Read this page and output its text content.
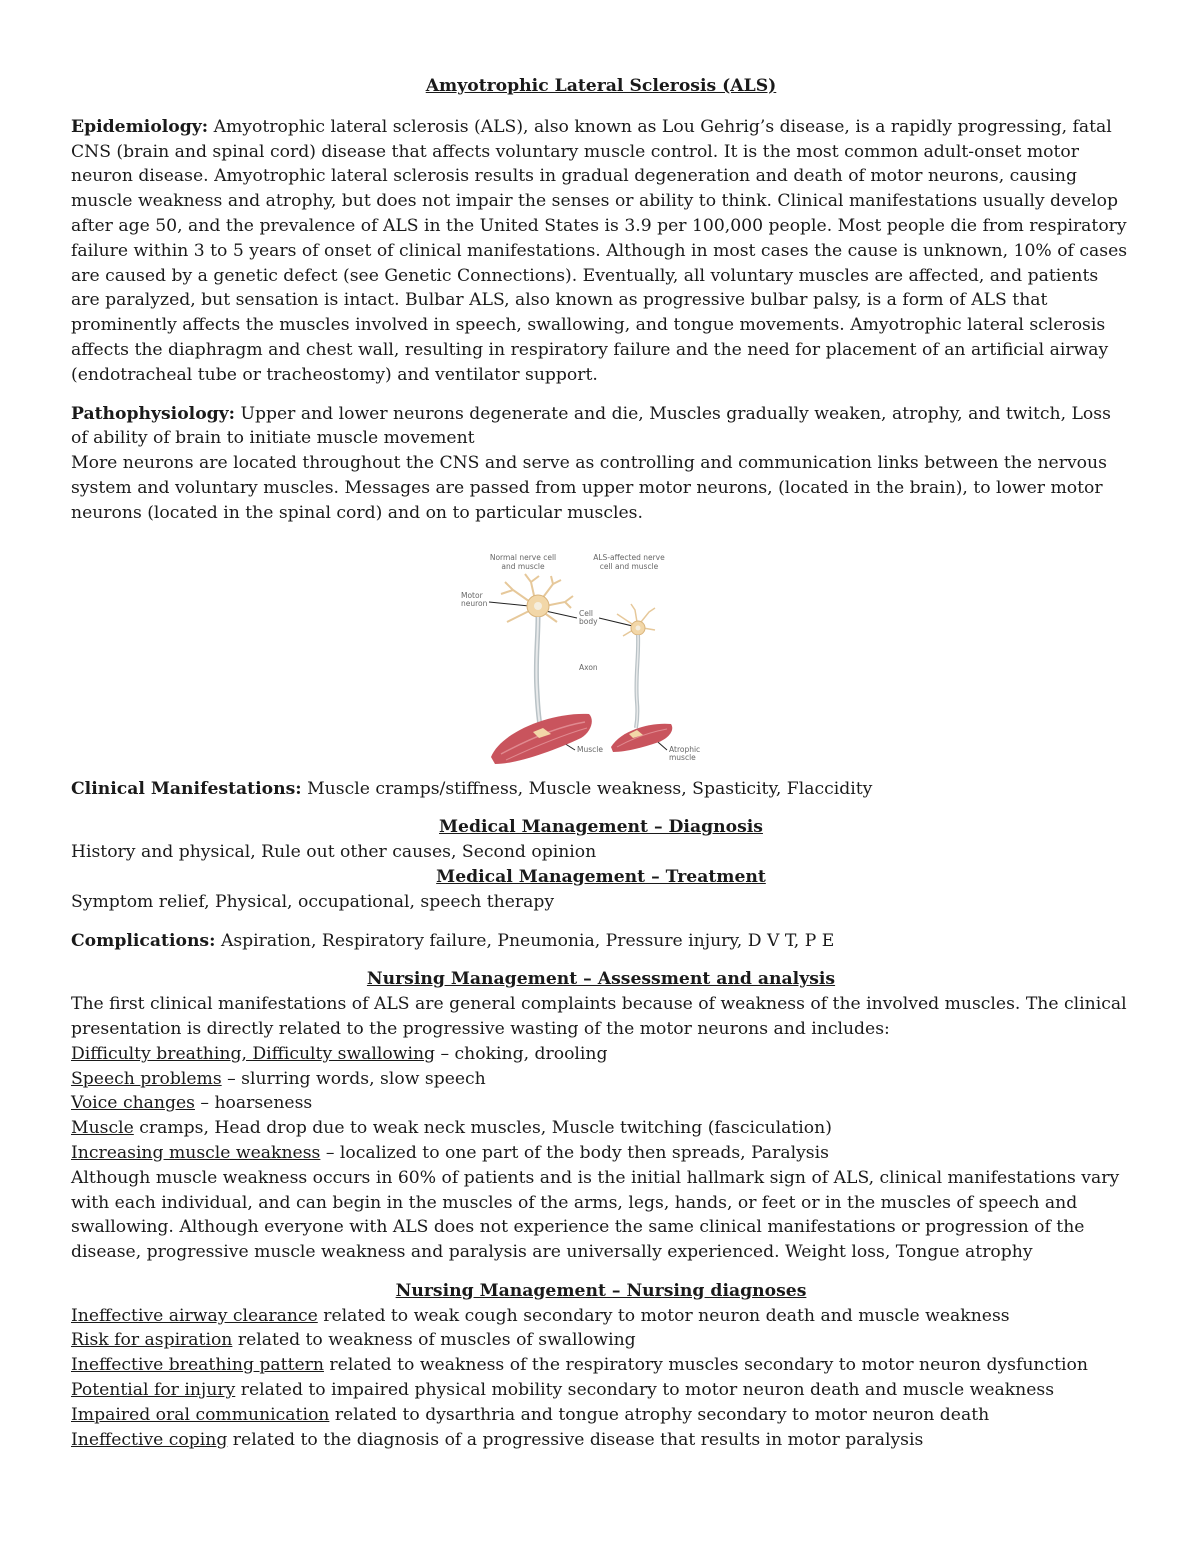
Amyotrophic Lateral Sclerosis (ALS)

Epidemiology: Amyotrophic lateral sclerosis (ALS), also known as Lou Gehrig’s disease, is a rapidly progressing, fatal CNS (brain and spinal cord) disease that affects voluntary muscle control. It is the most common adult-onset motor neuron disease. Amyotrophic lateral sclerosis results in gradual degeneration and death of motor neurons, causing muscle weakness and atrophy, but does not impair the senses or ability to think. Clinical manifestations usually develop after age 50, and the prevalence of ALS in the United States is 3.9 per 100,000 people. Most people die from respiratory failure within 3 to 5 years of onset of clinical manifestations. Although in most cases the cause is unknown, 10% of cases are caused by a genetic defect (see Genetic Connections). Eventually, all voluntary muscles are affected, and patients are paralyzed, but sensation is intact. Bulbar ALS, also known as progressive bulbar palsy, is a form of ALS that prominently affects the muscles involved in speech, swallowing, and tongue movements. Amyotrophic lateral sclerosis affects the diaphragm and chest wall, resulting in respiratory failure and the need for placement of an artificial airway (endotracheal tube or tracheostomy) and ventilator support.

Pathophysiology: Upper and lower neurons degenerate and die, Muscles gradually weaken, atrophy, and twitch, Loss of ability of brain to initiate muscle movement

More neurons are located throughout the CNS and serve as controlling and communication links between the nervous system and voluntary muscles. Messages are passed from upper motor neurons, (located in the brain), to lower motor neurons (located in the spinal cord) and on to particular muscles.

Normal nerve cell
and muscle
ALS-affected nerve
cell and muscle
Motor
neuron
Cell
body
Axon
Muscle	Atrophic
muscle

Clinical Manifestations: Muscle cramps/stiffness, Muscle weakness, Spasticity, Flaccidity

Medical Management – Diagnosis

History and physical, Rule out other causes, Second opinion

Medical Management – Treatment

Symptom relief, Physical, occupational, speech therapy

Complications: Aspiration, Respiratory failure, Pneumonia, Pressure injury, D V T, P E

Nursing Management – Assessment and analysis

The first clinical manifestations of ALS are general complaints because of weakness of the involved muscles. The clinical presentation is directly related to the progressive wasting of the motor neurons and includes:

Difficulty breathing, Difficulty swallowing – choking, drooling

Speech problems – slurring words, slow speech

Voice changes – hoarseness

Muscle cramps, Head drop due to weak neck muscles, Muscle twitching (fasciculation)

Increasing muscle weakness – localized to one part of the body then spreads, Paralysis

Although muscle weakness occurs in 60% of patients and is the initial hallmark sign of ALS, clinical manifestations vary with each individual, and can begin in the muscles of the arms, legs, hands, or feet or in the muscles of speech and swallowing. Although everyone with ALS does not experience the same clinical manifestations or progression of the disease, progressive muscle weakness and paralysis are universally experienced. Weight loss, Tongue atrophy

Nursing Management – Nursing diagnoses

Ineffective airway clearance related to weak cough secondary to motor neuron death and muscle weakness

Risk for aspiration related to weakness of muscles of swallowing

Ineffective breathing pattern related to weakness of the respiratory muscles secondary to motor neuron dysfunction

Potential for injury related to impaired physical mobility secondary to motor neuron death and muscle weakness

Impaired oral communication related to dysarthria and tongue atrophy secondary to motor neuron death

Ineffective coping related to the diagnosis of a progressive disease that results in motor paralysis
